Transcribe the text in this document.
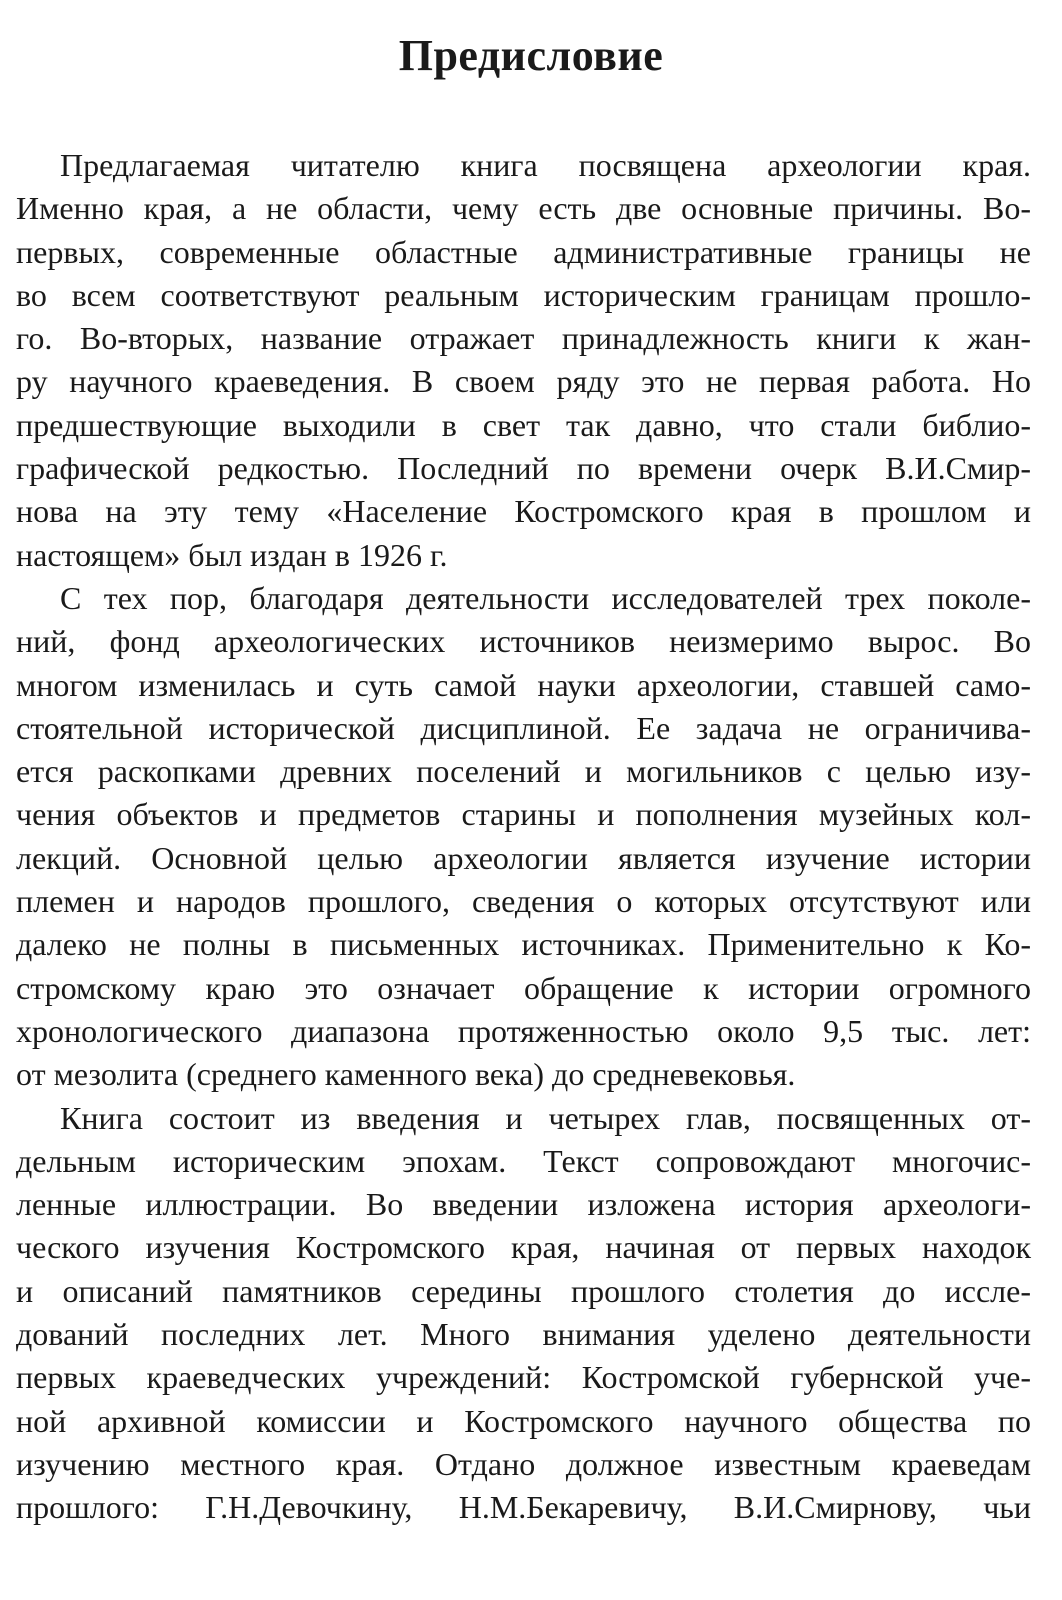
Предисловие
Предлагаемая читателю книга посвящена археологии края.
Именно края, а не области, чему есть две основные причины. Во-
первых, современные областные административные границы не
во всем соответствуют реальным историческим границам прошло-
го. Во-вторых, название отражает принадлежность книги к жан-
ру научного краеведения. В своем ряду это не первая работа. Но
предшествующие выходили в свет так давно, что стали библио-
графической редкостью. Последний по времени очерк В.И.Смир-
нова на эту тему «Население Костромского края в прошлом и
настоящем» был издан в 1926 г.
С тех пор, благодаря деятельности исследователей трех поколе-
ний, фонд археологических источников неизмеримо вырос. Во
многом изменилась и суть самой науки археологии, ставшей само-
стоятельной исторической дисциплиной. Ее задача не ограничива-
ется раскопками древних поселений и могильников с целью изу-
чения объектов и предметов старины и пополнения музейных кол-
лекций. Основной целью археологии является изучение истории
племен и народов прошлого, сведения о которых отсутствуют или
далеко не полны в письменных источниках. Применительно к Ко-
стромскому краю это означает обращение к истории огромного
хронологического диапазона протяженностью около 9,5 тыс. лет:
от мезолита (среднего каменного века) до средневековья.
Книга состоит из введения и четырех глав, посвященных от-
дельным историческим эпохам. Текст сопровождают многочис-
ленные иллюстрации. Во введении изложена история археологи-
ческого изучения Костромского края, начиная от первых находок
и описаний памятников середины прошлого столетия до иссле-
дований последних лет. Много внимания уделено деятельности
первых краеведческих учреждений: Костромской губернской уче-
ной архивной комиссии и Костромского научного общества по
изучению местного края. Отдано должное известным краеведам
прошлого: Г.Н.Девочкину, Н.М.Бекаревичу, В.И.Смирнову, чьи
